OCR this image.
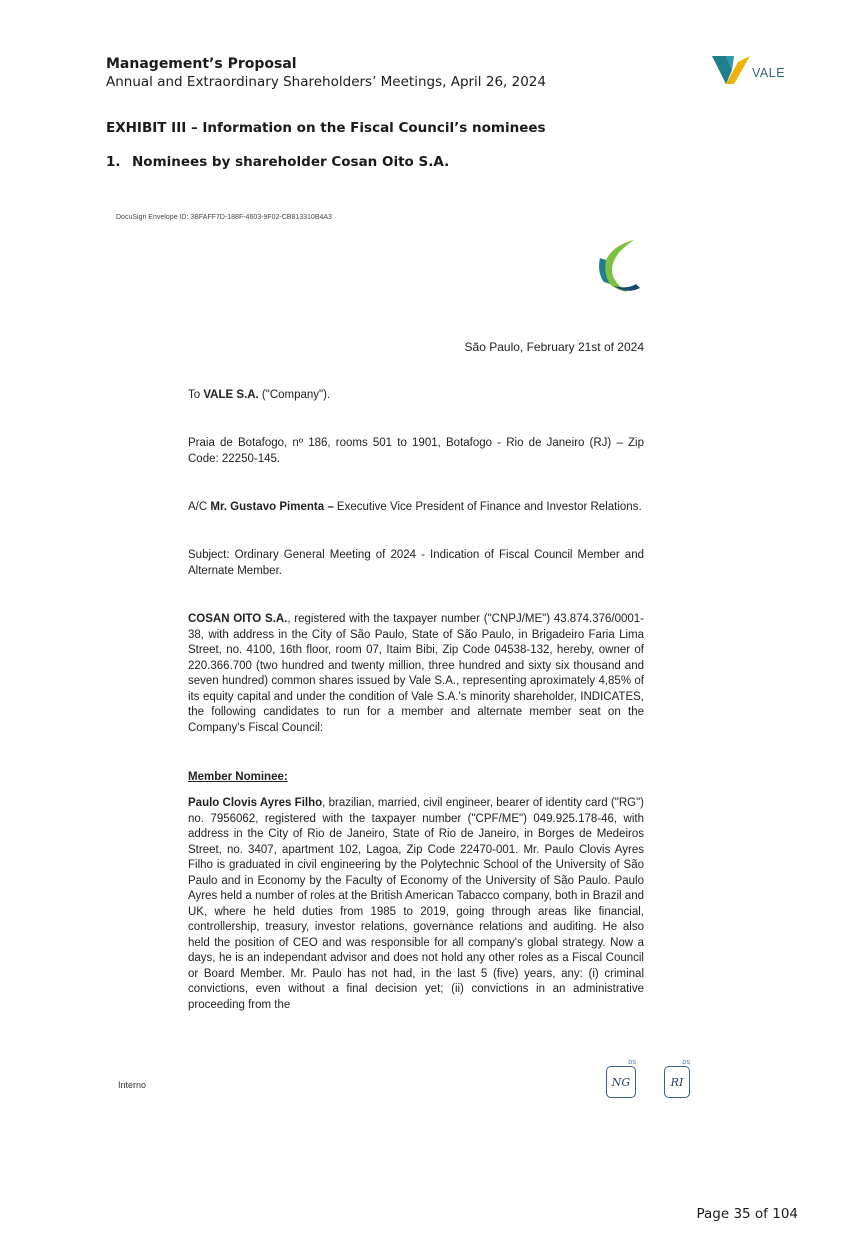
Management’s Proposal
Annual and Extraordinary Shareholders’ Meetings, April 26, 2024
VALE
EXHIBIT III – Information on the Fiscal Council’s nominees
1. Nominees by shareholder Cosan Oito S.A.
DocuSign Envelope ID: 3BFAFF7D-188F-4603-9F02-CB813310B4A3
São Paulo, February 21st of 2024
To VALE S.A. ("Company").
Praia de Botafogo, nº 186, rooms 501 to 1901, Botafogo - Rio de Janeiro (RJ) – Zip Code: 22250-145.
A/C Mr. Gustavo Pimenta – Executive Vice President of Finance and Investor Relations.
Subject: Ordinary General Meeting of 2024 - Indication of Fiscal Council Member and Alternate Member.
COSAN OITO S.A., registered with the taxpayer number ("CNPJ/ME") 43.874.376/0001-38, with address in the City of São Paulo, State of São Paulo, in Brigadeiro Faria Lima Street, no. 4100, 16th floor, room 07, Itaim Bibi, Zip Code 04538-132, hereby, owner of 220.366.700 (two hundred and twenty million, three hundred and sixty six thousand and seven hundred) common shares issued by Vale S.A., representing aproximately 4,85% of its equity capital and under the condition of Vale S.A.'s minority shareholder, INDICATES, the following candidates to run for a member and alternate member seat on the Company's Fiscal Council:
Member Nominee:
Paulo Clovis Ayres Filho, brazilian, married, civil engineer, bearer of identity card ("RG") no. 7956062, registered with the taxpayer number ("CPF/ME") 049.925.178-46, with address in the City of Rio de Janeiro, State of Rio de Janeiro, in Borges de Medeiros Street, no. 3407, apartment 102, Lagoa, Zip Code 22470-001. Mr. Paulo Clovis Ayres Filho is graduated in civil engineering by the Polytechnic School of the University of São Paulo and in Economy by the Faculty of Economy of the University of São Paulo. Paulo Ayres held a number of roles at the British American Tabacco company, both in Brazil and UK, where he held duties from 1985 to 2019, going through areas like financial, controllership, treasury, investor relations, governance relations and auditing. He also held the position of CEO and was responsible for all company's global strategy. Now a days, he is an independant advisor and does not hold any other roles as a Fiscal Council or Board Member. Mr. Paulo has not had, in the last 5 (five) years, any: (i) criminal convictions, even without a final decision yet; (ii) convictions in an administrative proceeding from the
Interno
DS
NG
DS
RI
Page 35 of 104
